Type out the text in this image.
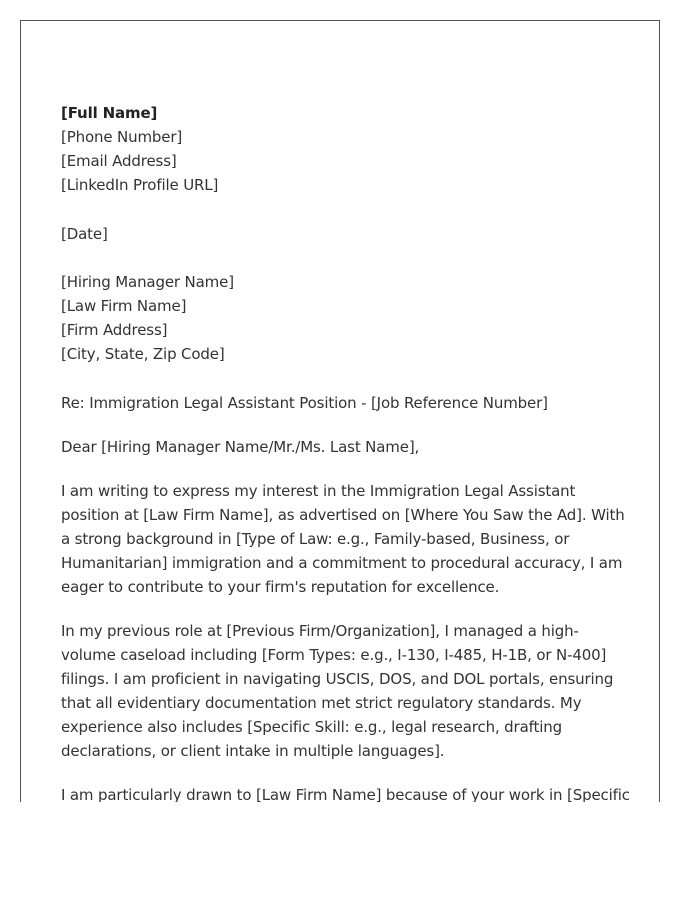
[Full Name]
[Phone Number]
[Email Address]
[LinkedIn Profile URL]
[Date]
[Hiring Manager Name]
[Law Firm Name]
[Firm Address]
[City, State, Zip Code]
Re: Immigration Legal Assistant Position - [Job Reference Number]
Dear [Hiring Manager Name/Mr./Ms. Last Name],
I am writing to express my interest in the Immigration Legal Assistant position at [Law Firm Name], as advertised on [Where You Saw the Ad]. With a strong background in [Type of Law: e.g., Family-based, Business, or Humanitarian] immigration and a commitment to procedural accuracy, I am eager to contribute to your firm's reputation for excellence.
In my previous role at [Previous Firm/Organization], I managed a high-volume caseload including [Form Types: e.g., I-130, I-485, H-1B, or N-400] filings. I am proficient in navigating USCIS, DOS, and DOL portals, ensuring that all evidentiary documentation met strict regulatory standards. My experience also includes [Specific Skill: e.g., legal research, drafting declarations, or client intake in multiple languages].
I am particularly drawn to [Law Firm Name] because of your work in [Specific
